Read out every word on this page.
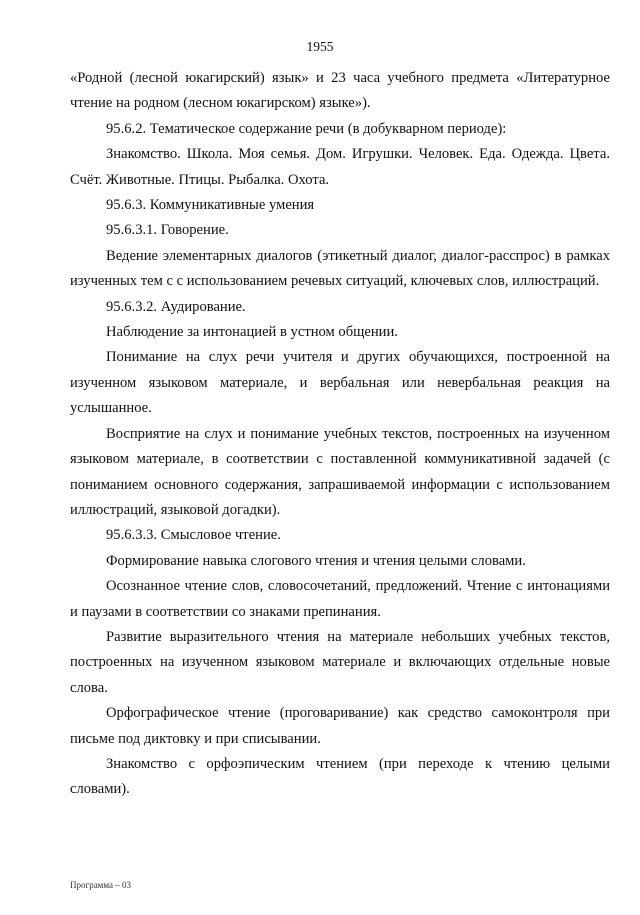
1955

«Родной (лесной юкагирский) язык» и 23 часа учебного предмета «Литературное чтение на родном (лесном юкагирском) языке»).

95.6.2. Тематическое содержание речи (в добукварном периоде):

Знакомство. Школа. Моя семья. Дом. Игрушки. Человек. Еда. Одежда. Цвета. Счёт. Животные. Птицы. Рыбалка. Охота.

95.6.3. Коммуникативные умения

95.6.3.1. Говорение.

Ведение элементарных диалогов (этикетный диалог, диалог-расспрос) в рамках изученных тем с с использованием речевых ситуаций, ключевых слов, иллюстраций.

95.6.3.2. Аудирование.

Наблюдение за интонацией в устном общении.

Понимание на слух речи учителя и других обучающихся, построенной на изученном языковом материале, и вербальная или невербальная реакция на услышанное.

Восприятие на слух и понимание учебных текстов, построенных на изученном языковом материале, в соответствии с поставленной коммуникативной задачей (с пониманием основного содержания, запрашиваемой информации с использованием иллюстраций, языковой догадки).

95.6.3.3. Смысловое чтение.

Формирование навыка слогового чтения и чтения целыми словами.

Осознанное чтение слов, словосочетаний, предложений. Чтение с интонациями и паузами в соответствии со знаками препинания.

Развитие выразительного чтения на материале небольших учебных текстов, построенных на изученном языковом материале и включающих отдельные новые слова.

Орфографическое чтение (проговаривание) как средство самоконтроля при письме под диктовку и при списывании.

Знакомство с орфоэпическим чтением (при переходе к чтению целыми словами).

Программа – 03
